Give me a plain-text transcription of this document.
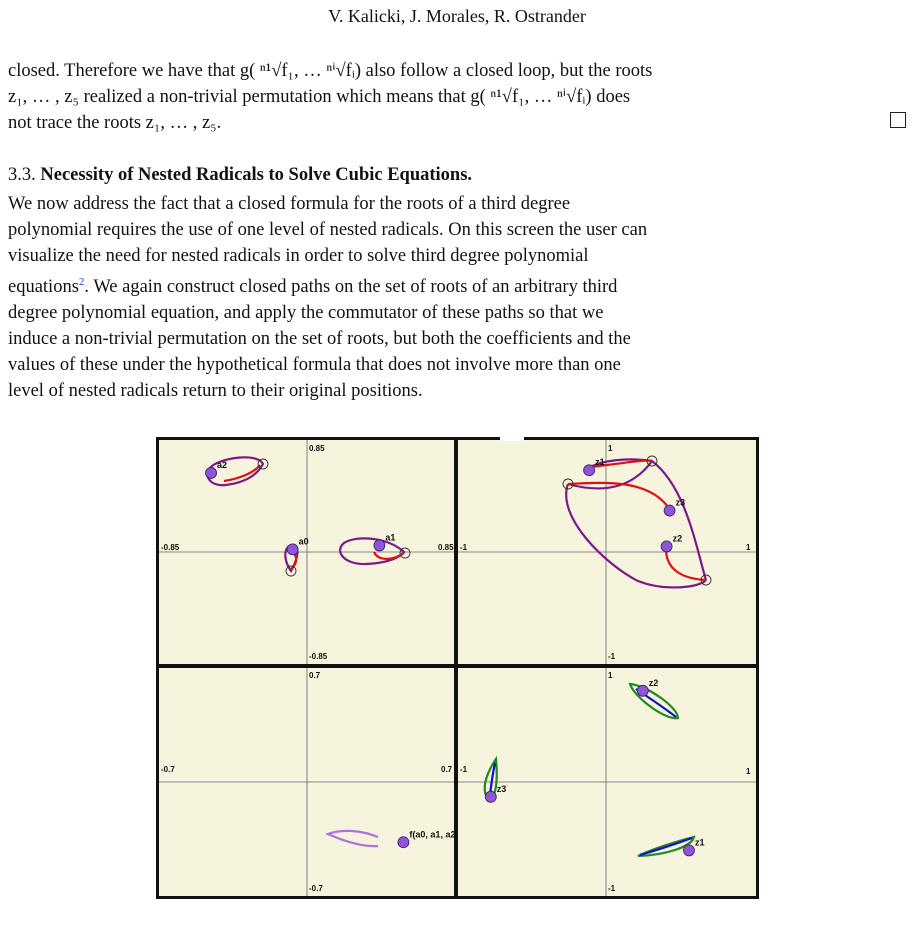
V. Kalicki, J. Morales, R. Ostrander
closed. Therefore we have that g( ⁿ¹√f₁, … ⁿⁱ√fᵢ) also follow a closed loop, but the roots
z₁, … , z₅ realized a non-trivial permutation which means that g( ⁿ¹√f₁, … ⁿⁱ√fᵢ) does
not trace the roots z₁, … , z₅.
3.3. Necessity of Nested Radicals to Solve Cubic Equations.
We now address the fact that a closed formula for the roots of a third degree
polynomial requires the use of one level of nested radicals. On this screen the user can
visualize the need for nested radicals in order to solve third degree polynomial
equations$^2$. We again construct closed paths on the set of roots of an arbitrary third
degree polynomial equation, and apply the commutator of these paths so that we
induce a non-trivial permutation on the set of roots, but both the coefficients and the
values of these under the hypothetical formula that does not involve more than one
level of nested radicals return to their original positions.
0.85
-0.85
-0.85	0.85
1
-1
-1	1
0.7
-0.7
-0.7	0.7
1
-1
-1	1
a2
a0	a1
z1
z3
z2
f(a0, a1, a2)
z2
z3
z1
